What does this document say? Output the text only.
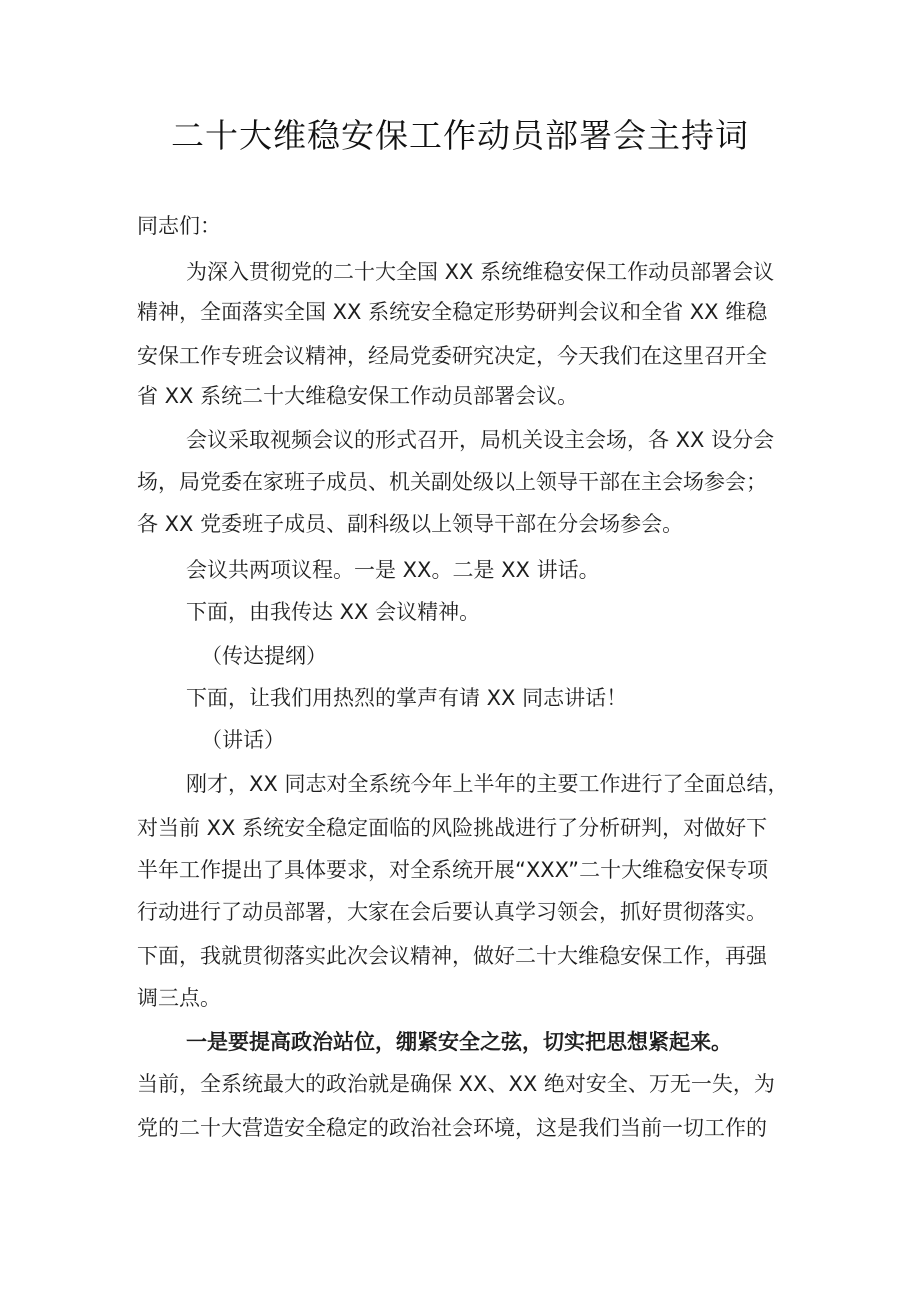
二十大维稳安保工作动员部署会主持词

同志们：

为深入贯彻党的二十大全国 XX 系统维稳安保工作动员部署会议

精神，全面落实全国 XX 系统安全稳定形势研判会议和全省 XX 维稳

安保工作专班会议精神，经局党委研究决定，今天我们在这里召开全

省 XX 系统二十大维稳安保工作动员部署会议。

会议采取视频会议的形式召开，局机关设主会场，各 XX 设分会

场，局党委在家班子成员、机关副处级以上领导干部在主会场参会；

各 XX 党委班子成员、副科级以上领导干部在分会场参会。

会议共两项议程。一是 XX。二是 XX 讲话。

下面，由我传达 XX 会议精神。

（传达提纲）

下面，让我们用热烈的掌声有请 XX 同志讲话！

（讲话）

刚才，XX 同志对全系统今年上半年的主要工作进行了全面总结，

对当前 XX 系统安全稳定面临的风险挑战进行了分析研判，对做好下

半年工作提出了具体要求，对全系统开展“XXX”二十大维稳安保专项

行动进行了动员部署，大家在会后要认真学习领会，抓好贯彻落实。

下面，我就贯彻落实此次会议精神，做好二十大维稳安保工作，再强

调三点。

一是要提高政治站位，绷紧安全之弦，切实把思想紧起来。

当前，全系统最大的政治就是确保 XX、XX 绝对安全、万无一失，为

党的二十大营造安全稳定的政治社会环境，这是我们当前一切工作的
